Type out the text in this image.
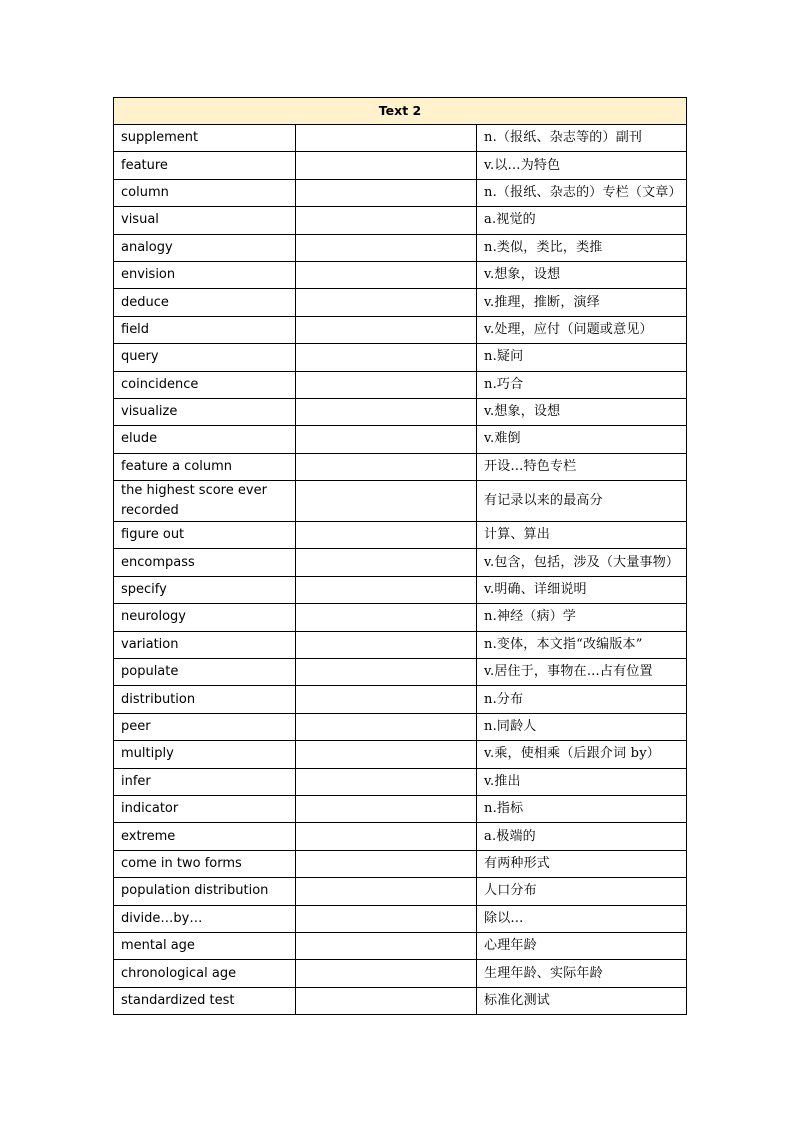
Text 2		
supplement		n.（报纸、杂志等的）副刊
feature		v.以…为特色
column		n.（报纸、杂志的）专栏（文章）
visual		a.视觉的
analogy		n.类似，类比，类推
envision		v.想象，设想
deduce		v.推理，推断，演绎
field		v.处理，应付（问题或意见）
query		n.疑问
coincidence		n.巧合
visualize		v.想象，设想
elude		v.难倒
feature a column		开设…特色专栏
the highest score ever recorded		有记录以来的最高分
figure out		计算、算出
encompass		v.包含，包括，涉及（大量事物）
specify		v.明确、详细说明
neurology		n.神经（病）学
variation		n.变体，本文指“改编版本”
populate		v.居住于，事物在…占有位置
distribution		n.分布
peer		n.同龄人
multiply		v.乘，使相乘（后跟介词 by）
infer		v.推出
indicator		n.指标
extreme		a.极端的
come in two forms		有两种形式
population distribution		人口分布
divide…by…		除以…
mental age		心理年龄
chronological age		生理年龄、实际年龄
standardized test		标准化测试
